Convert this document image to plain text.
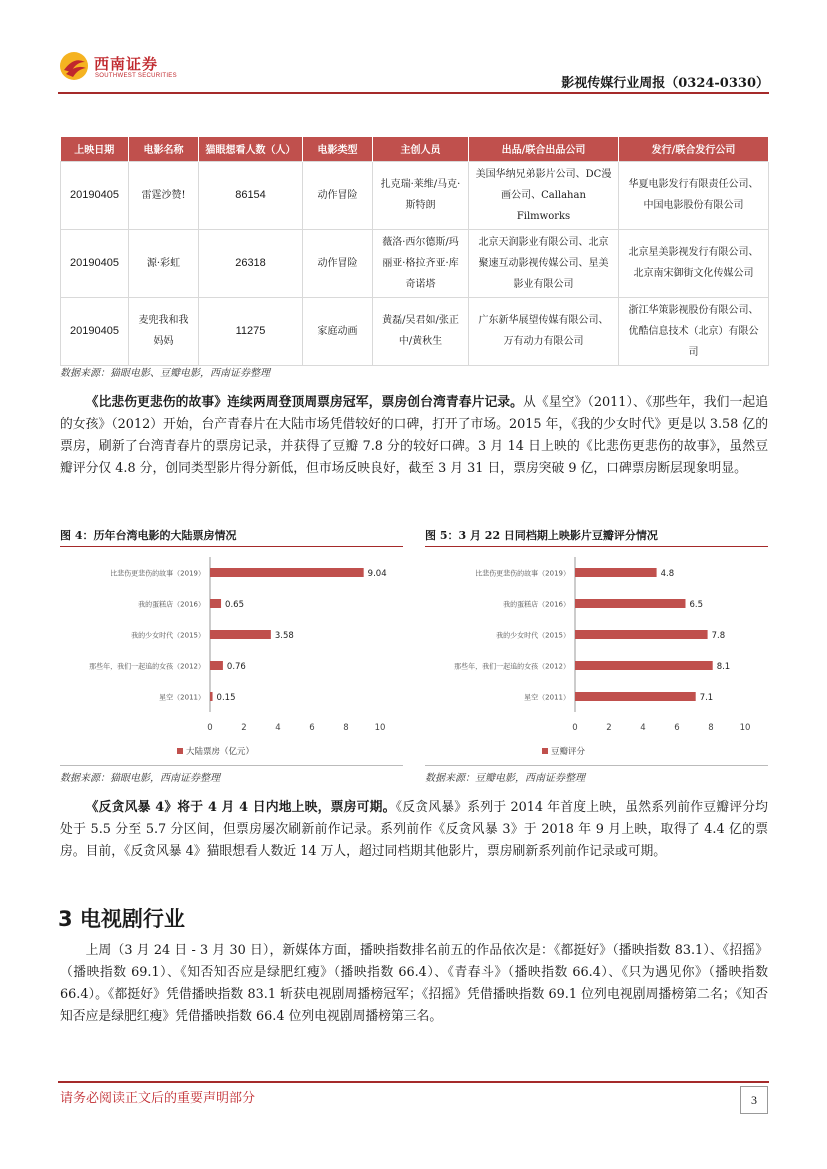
西南证券
SOUTHWEST SECURITIES	影视传媒行业周报（0324-0330）
上映日期	电影名称	猫眼想看人数（人）	电影类型	主创人员	出品/联合出品公司	发行/联合发行公司
20190405	雷霆沙赞!	86154	动作冒险	扎克瑞·莱维/马克·斯特朗	美国华纳兄弟影片公司、DC漫画公司、Callahan Filmworks	华夏电影发行有限责任公司、中国电影股份有限公司
20190405	源·彩虹	26318	动作冒险	薇洛·西尔德斯/玛丽亚·格拉齐亚·库奇诺塔	北京天润影业有限公司、北京聚速互动影视传媒公司、星美影业有限公司	北京星美影视发行有限公司、北京南宋御街文化传媒公司
20190405	麦兜我和我妈妈	11275	家庭动画	黄磊/吴君如/张正中/黄秋生	广东新华展望传媒有限公司、万有动力有限公司	浙江华策影视股份有限公司、优酷信息技术（北京）有限公司
数据来源：猫眼电影、豆瓣电影，西南证券整理

《比悲伤更悲伤的故事》连续两周登顶周票房冠军，票房创台湾青春片记录。从《星空》（2011）、《那些年，我们一起追的女孩》（2012）开始，台产青春片在大陆市场凭借较好的口碑，打开了市场。2015 年，《我的少女时代》更是以 3.58 亿的票房，刷新了台湾青春片的票房记录，并获得了豆瓣 7.8 分的较好口碑。3 月 14 日上映的《比悲伤更悲伤的故事》，虽然豆瓣评分仅 4.8 分，创同类型影片得分新低，但市场反映良好，截至 3 月 31 日，票房突破 9 亿，口碑票房断层现象明显。

图 4：历年台湾电影的大陆票房情况
比悲伤更悲伤的故事（2019）	9.04
我的蛋糕店（2016） 0.65
我的少女时代（2015）	3.58
那些年，我们一起追的女孩（2012）	0.76
星空（2011） 0.15
0	2	4	6	8	10
大陆票房（亿元）
数据来源：猫眼电影，西南证券整理
图 5：3 月 22 日同档期上映影片豆瓣评分情况
比悲伤更悲伤的故事（2019）	4.8
我的蛋糕店（2016）	6.5
我的少女时代（2015）	7.8
那些年，我们一起追的女孩（2012）	8.1
星空（2011）	7.1
0	2	4	6	8	10
豆瓣评分
数据来源：豆瓣电影，西南证券整理

《反贪风暴 4》将于 4 月 4 日内地上映，票房可期。《反贪风暴》系列于 2014 年首度上映，虽然系列前作豆瓣评分均处于 5.5 分至 5.7 分区间，但票房屡次刷新前作记录。系列前作《反贪风暴 3》于 2018 年 9 月上映，取得了 4.4 亿的票房。目前，《反贪风暴 4》猫眼想看人数近 14 万人，超过同档期其他影片，票房刷新系列前作记录或可期。

3 电视剧行业

上周（3 月 24 日 - 3 月 30 日），新媒体方面，播映指数排名前五的作品依次是：《都挺好》（播映指数 83.1）、《招摇》（播映指数 69.1）、《知否知否应是绿肥红瘦》（播映指数 66.4）、《青春斗》（播映指数 66.4）、《只为遇见你》（播映指数 66.4）。《都挺好》凭借播映指数 83.1 斩获电视剧周播榜冠军；《招摇》凭借播映指数 69.1 位列电视剧周播榜第二名；《知否知否应是绿肥红瘦》凭借播映指数 66.4 位列电视剧周播榜第三名。

请务必阅读正文后的重要声明部分	3
